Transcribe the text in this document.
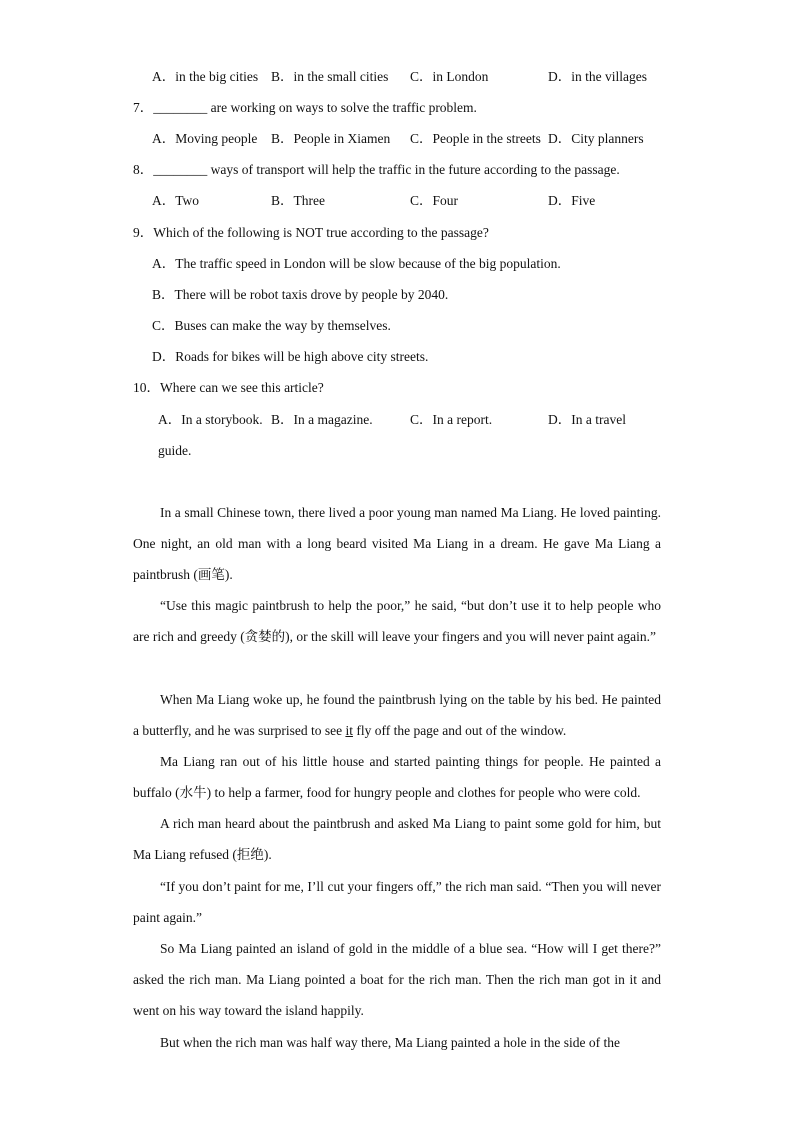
A．in the big cities B．in the small cities C．in London	D．in the villages
7．________ are working on ways to solve the traffic problem.
A．Moving people B．People in Xiamen C．People in the streets D．City planners
8．________ ways of transport will help the traffic in the future according to the passage.
A．Two	B．Three	C．Four	D．Five
9．Which of the following is NOT true according to the passage?
A．The traffic speed in London will be slow because of the big population.
B．There will be robot taxis drove by people by 2040.
C．Buses can make the way by themselves.
D．Roads for bikes will be high above city streets.
10．Where can we see this article?
A．In a storybook. B．In a magazine.	C．In a report.	D．In a travel
guide.
In a small Chinese town, there lived a poor young man named Ma Liang. He loved painting. One night, an old man with a long beard visited Ma Liang in a dream. He gave Ma Liang a paintbrush (画笔).
“Use this magic paintbrush to help the poor,” he said, “but don’t use it to help people who are rich and greedy (贪婪的), or the skill will leave your fingers and you will never paint again.”
When Ma Liang woke up, he found the paintbrush lying on the table by his bed. He painted a butterfly, and he was surprised to see it fly off the page and out of the window.
Ma Liang ran out of his little house and started painting things for people. He painted a buffalo (水牛) to help a farmer, food for hungry people and clothes for people who were cold.
A rich man heard about the paintbrush and asked Ma Liang to paint some gold for him, but Ma Liang refused (拒绝).
“If you don’t paint for me, I’ll cut your fingers off,” the rich man said. “Then you will never paint again.”
So Ma Liang painted an island of gold in the middle of a blue sea. “How will I get there?” asked the rich man. Ma Liang pointed a boat for the rich man. Then the rich man got in it and went on his way toward the island happily.
But when the rich man was half way there, Ma Liang painted a hole in the side of the
